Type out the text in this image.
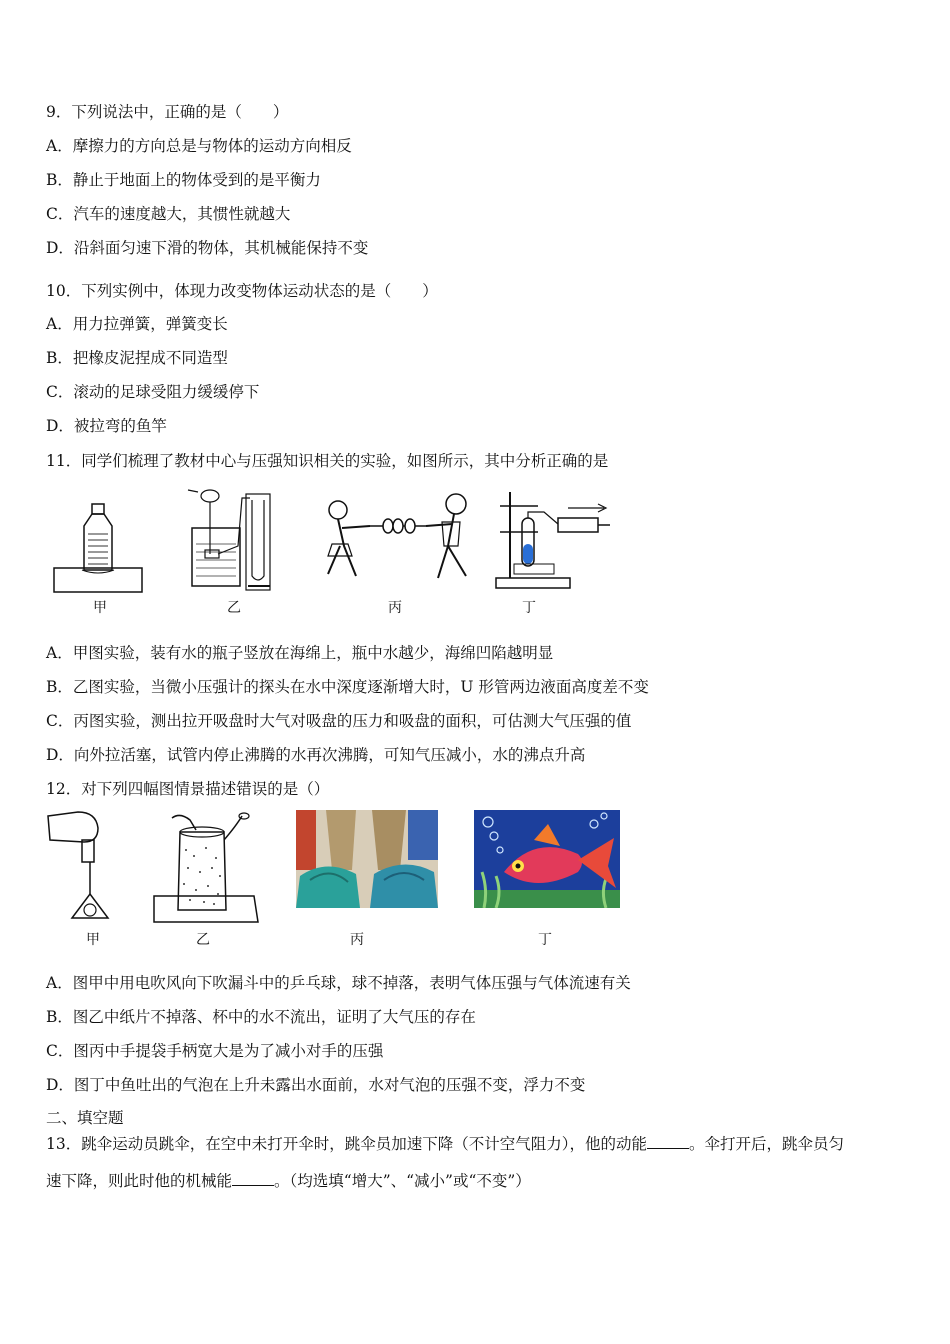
9．下列说法中，正确的是（　　）
A．摩擦力的方向总是与物体的运动方向相反
B．静止于地面上的物体受到的是平衡力
C．汽车的速度越大，其惯性就越大
D．沿斜面匀速下滑的物体，其机械能保持不变
10．下列实例中，体现力改变物体运动状态的是（　　）
A．用力拉弹簧，弹簧变长
B．把橡皮泥捏成不同造型
C．滚动的足球受阻力缓缓停下
D．被拉弯的鱼竿
11．同学们梳理了教材中心与压强知识相关的实验，如图所示，其中分析正确的是
甲	乙	丙	丁
A．甲图实验，装有水的瓶子竖放在海绵上，瓶中水越少，海绵凹陷越明显
B．乙图实验，当微小压强计的探头在水中深度逐渐增大时，U 形管两边液面高度差不变
C．丙图实验，测出拉开吸盘时大气对吸盘的压力和吸盘的面积，可估测大气压强的值
D．向外拉活塞，试管内停止沸腾的水再次沸腾，可知气压减小，水的沸点升高
12．对下列四幅图情景描述错误的是（）
甲	乙	丙	丁
A．图甲中用电吹风向下吹漏斗中的乒乓球，球不掉落，表明气体压强与气体流速有关
B．图乙中纸片不掉落、杯中的水不流出，证明了大气压的存在
C．图丙中手提袋手柄宽大是为了减小对手的压强
D．图丁中鱼吐出的气泡在上升未露出水面前，水对气泡的压强不变，浮力不变
二、填空题
13．跳伞运动员跳伞，在空中未打开伞时，跳伞员加速下降（不计空气阻力），他的动能	。伞打开后，跳伞员匀
速下降，则此时他的机械能	。（均选填“增大”、“减小”或“不变”）
